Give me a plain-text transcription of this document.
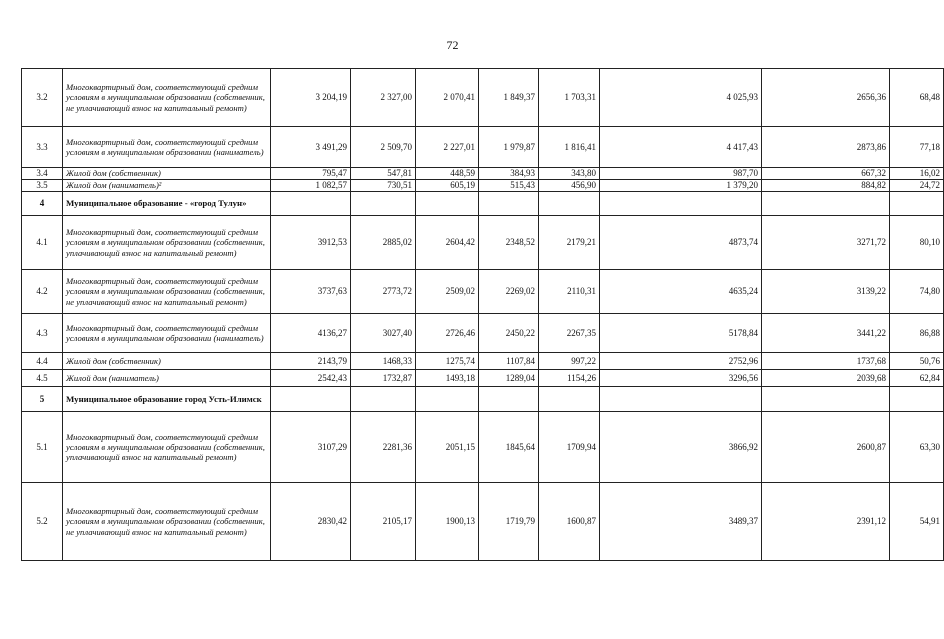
72
3.2	Многоквартирный дом, соответствующий средним условиям в муниципальном образовании (собственник, не уплачивающий взнос на капитальный ремонт)	3 204,19	2 327,00	2 070,41	1 849,37	1 703,31	4 025,93	2656,36	68,48
3.3	Многоквартирный дом, соответствующий средним условиям в муниципальном образовании (наниматель)	3 491,29	2 509,70	2 227,01	1 979,87	1 816,41	4 417,43	2873,86	77,18
3.4	Жилой дом (собственник)	795,47	547,81	448,59	384,93	343,80	987,70	667,32	16,02
3.5	Жилой дом (наниматель)²	1 082,57	730,51	605,19	515,43	456,90	1 379,20	884,82	24,72
4	Муниципальное образование - «город Тулун»								
4.1	Многоквартирный дом, соответствующий средним условиям в муниципальном образовании (собственник, уплачивающий взнос на капитальный ремонт)	3912,53	2885,02	2604,42	2348,52	2179,21	4873,74	3271,72	80,10
4.2	Многоквартирный дом, соответствующий средним условиям в муниципальном образовании (собственник, не уплачивающий взнос на капитальный ремонт)	3737,63	2773,72	2509,02	2269,02	2110,31	4635,24	3139,22	74,80
4.3	Многоквартирный дом, соответствующий средним условиям в муниципальном образовании (наниматель)	4136,27	3027,40	2726,46	2450,22	2267,35	5178,84	3441,22	86,88
4.4	Жилой дом (собственник)	2143,79	1468,33	1275,74	1107,84	997,22	2752,96	1737,68	50,76
4.5	Жилой дом (наниматель)	2542,43	1732,87	1493,18	1289,04	1154,26	3296,56	2039,68	62,84
5	Муниципальное образование город Усть-Илимск								
5.1	Многоквартирный дом, соответствующий средним условиям в муниципальном образовании (собственник, уплачивающий взнос на капитальный ремонт)	3107,29	2281,36	2051,15	1845,64	1709,94	3866,92	2600,87	63,30
5.2	Многоквартирный дом, соответствующий средним условиям в муниципальном образовании (собственник, не уплачивающий взнос на капитальный ремонт)	2830,42	2105,17	1900,13	1719,79	1600,87	3489,37	2391,12	54,91
